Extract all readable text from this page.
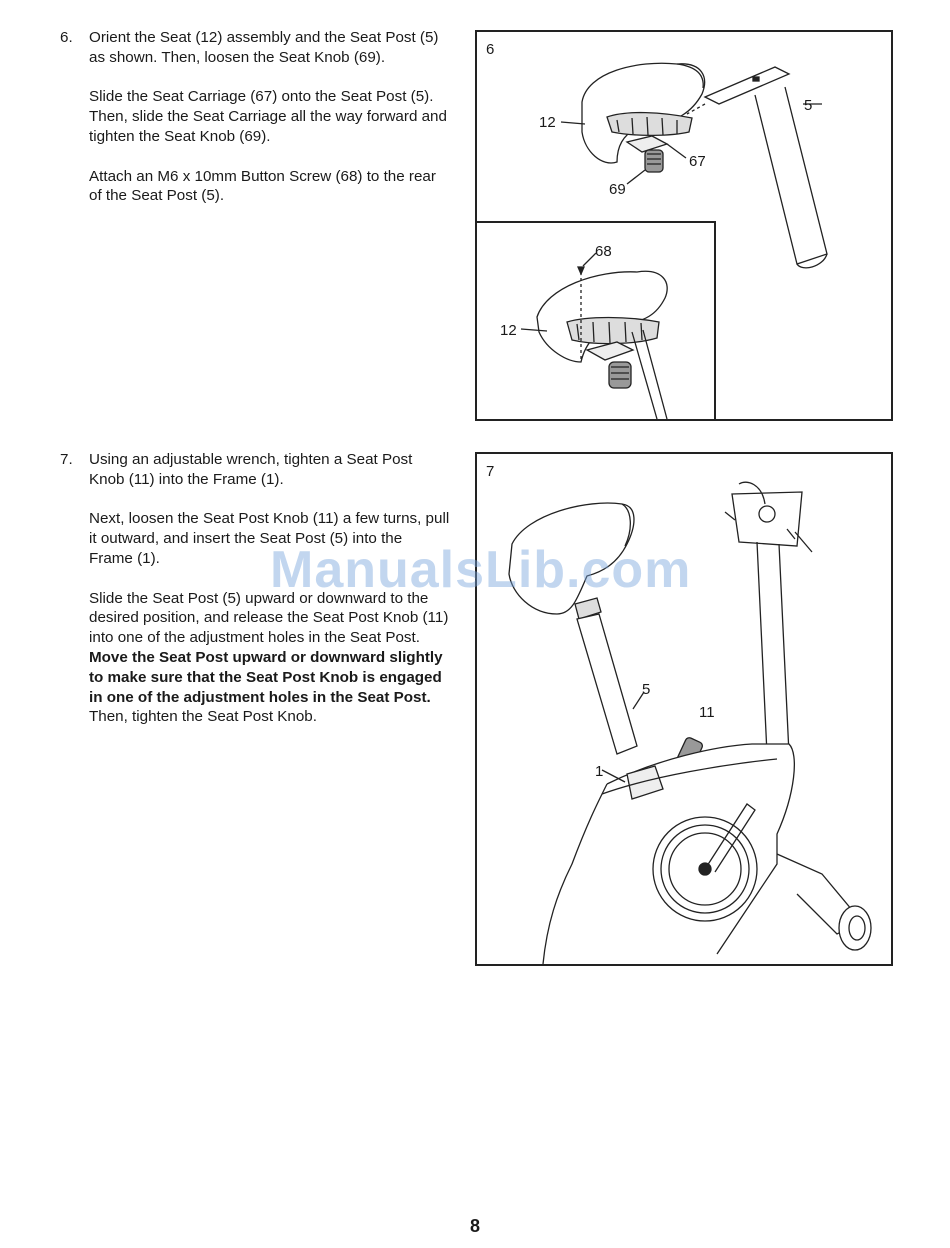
6. Orient the Seat (12) assembly and the Seat Post (5) as shown. Then, loosen the Seat Knob (69).

Slide the Seat Carriage (67) onto the Seat Post (5). Then, slide the Seat Carriage all the way forward and tighten the Seat Knob (69).

Attach an M6 x 10mm Button Screw (68) to the rear of the Seat Post (5).

7. Using an adjustable wrench, tighten a Seat Post Knob (11) into the Frame (1).

Next, loosen the Seat Post Knob (11) a few turns, pull it outward, and insert the Seat Post (5) into the Frame (1).

Slide the Seat Post (5) upward or downward to the desired position, and release the Seat Post Knob (11) into one of the adjustment holes in the Seat Post. Move the Seat Post upward or downward slightly to make sure that the Seat Post Knob is engaged in one of the adjustment holes in the Seat Post. Then, tighten the Seat Post Knob.

6
12
5
67
69
68
12
7
5
11
1
ManualsLib.com
8
